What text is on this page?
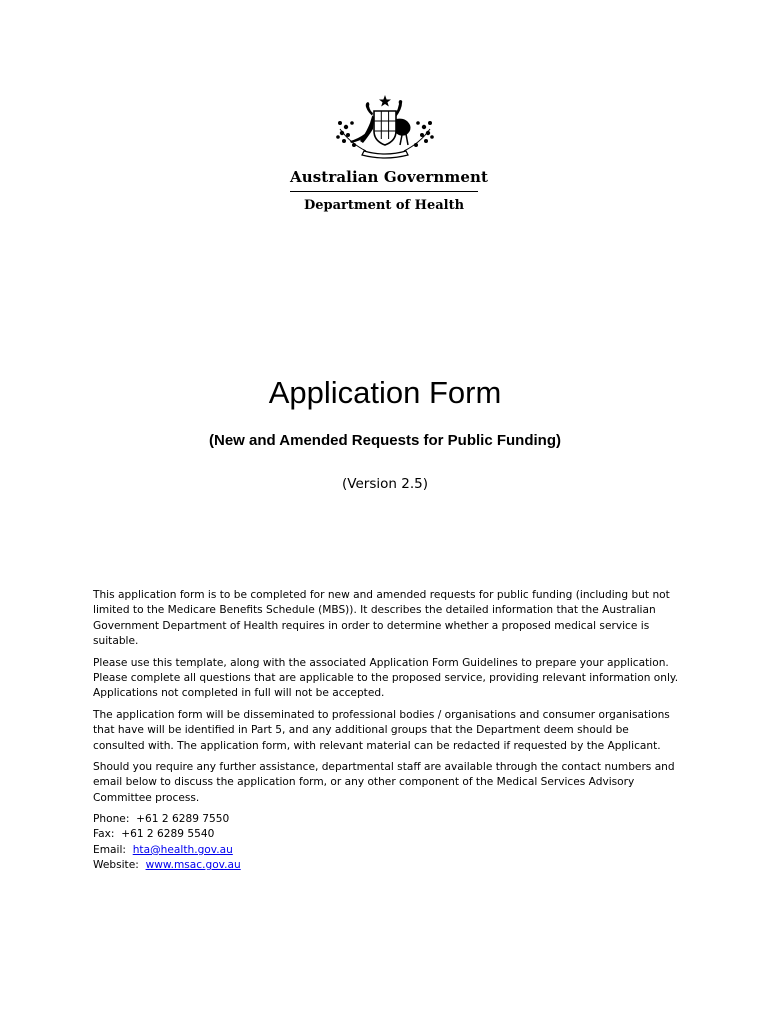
Australian Government
Department of Health
Application Form
(New and Amended Requests for Public Funding)
(Version 2.5)

This application form is to be completed for new and amended requests for public funding (including but not limited to the Medicare Benefits Schedule (MBS)). It describes the detailed information that the Australian Government Department of Health requires in order to determine whether a proposed medical service is suitable.

Please use this template, along with the associated Application Form Guidelines to prepare your application. Please complete all questions that are applicable to the proposed service, providing relevant information only. Applications not completed in full will not be accepted.

The application form will be disseminated to professional bodies / organisations and consumer organisations that have will be identified in Part 5, and any additional groups that the Department deem should be consulted with. The application form, with relevant material can be redacted if requested by the Applicant.

Should you require any further assistance, departmental staff are available through the contact numbers and email below to discuss the application form, or any other component of the Medical Services Advisory Committee process.

Phone: +61 2 6289 7550
Fax: +61 2 6289 5540
Email: hta@health.gov.au
Website: www.msac.gov.au
